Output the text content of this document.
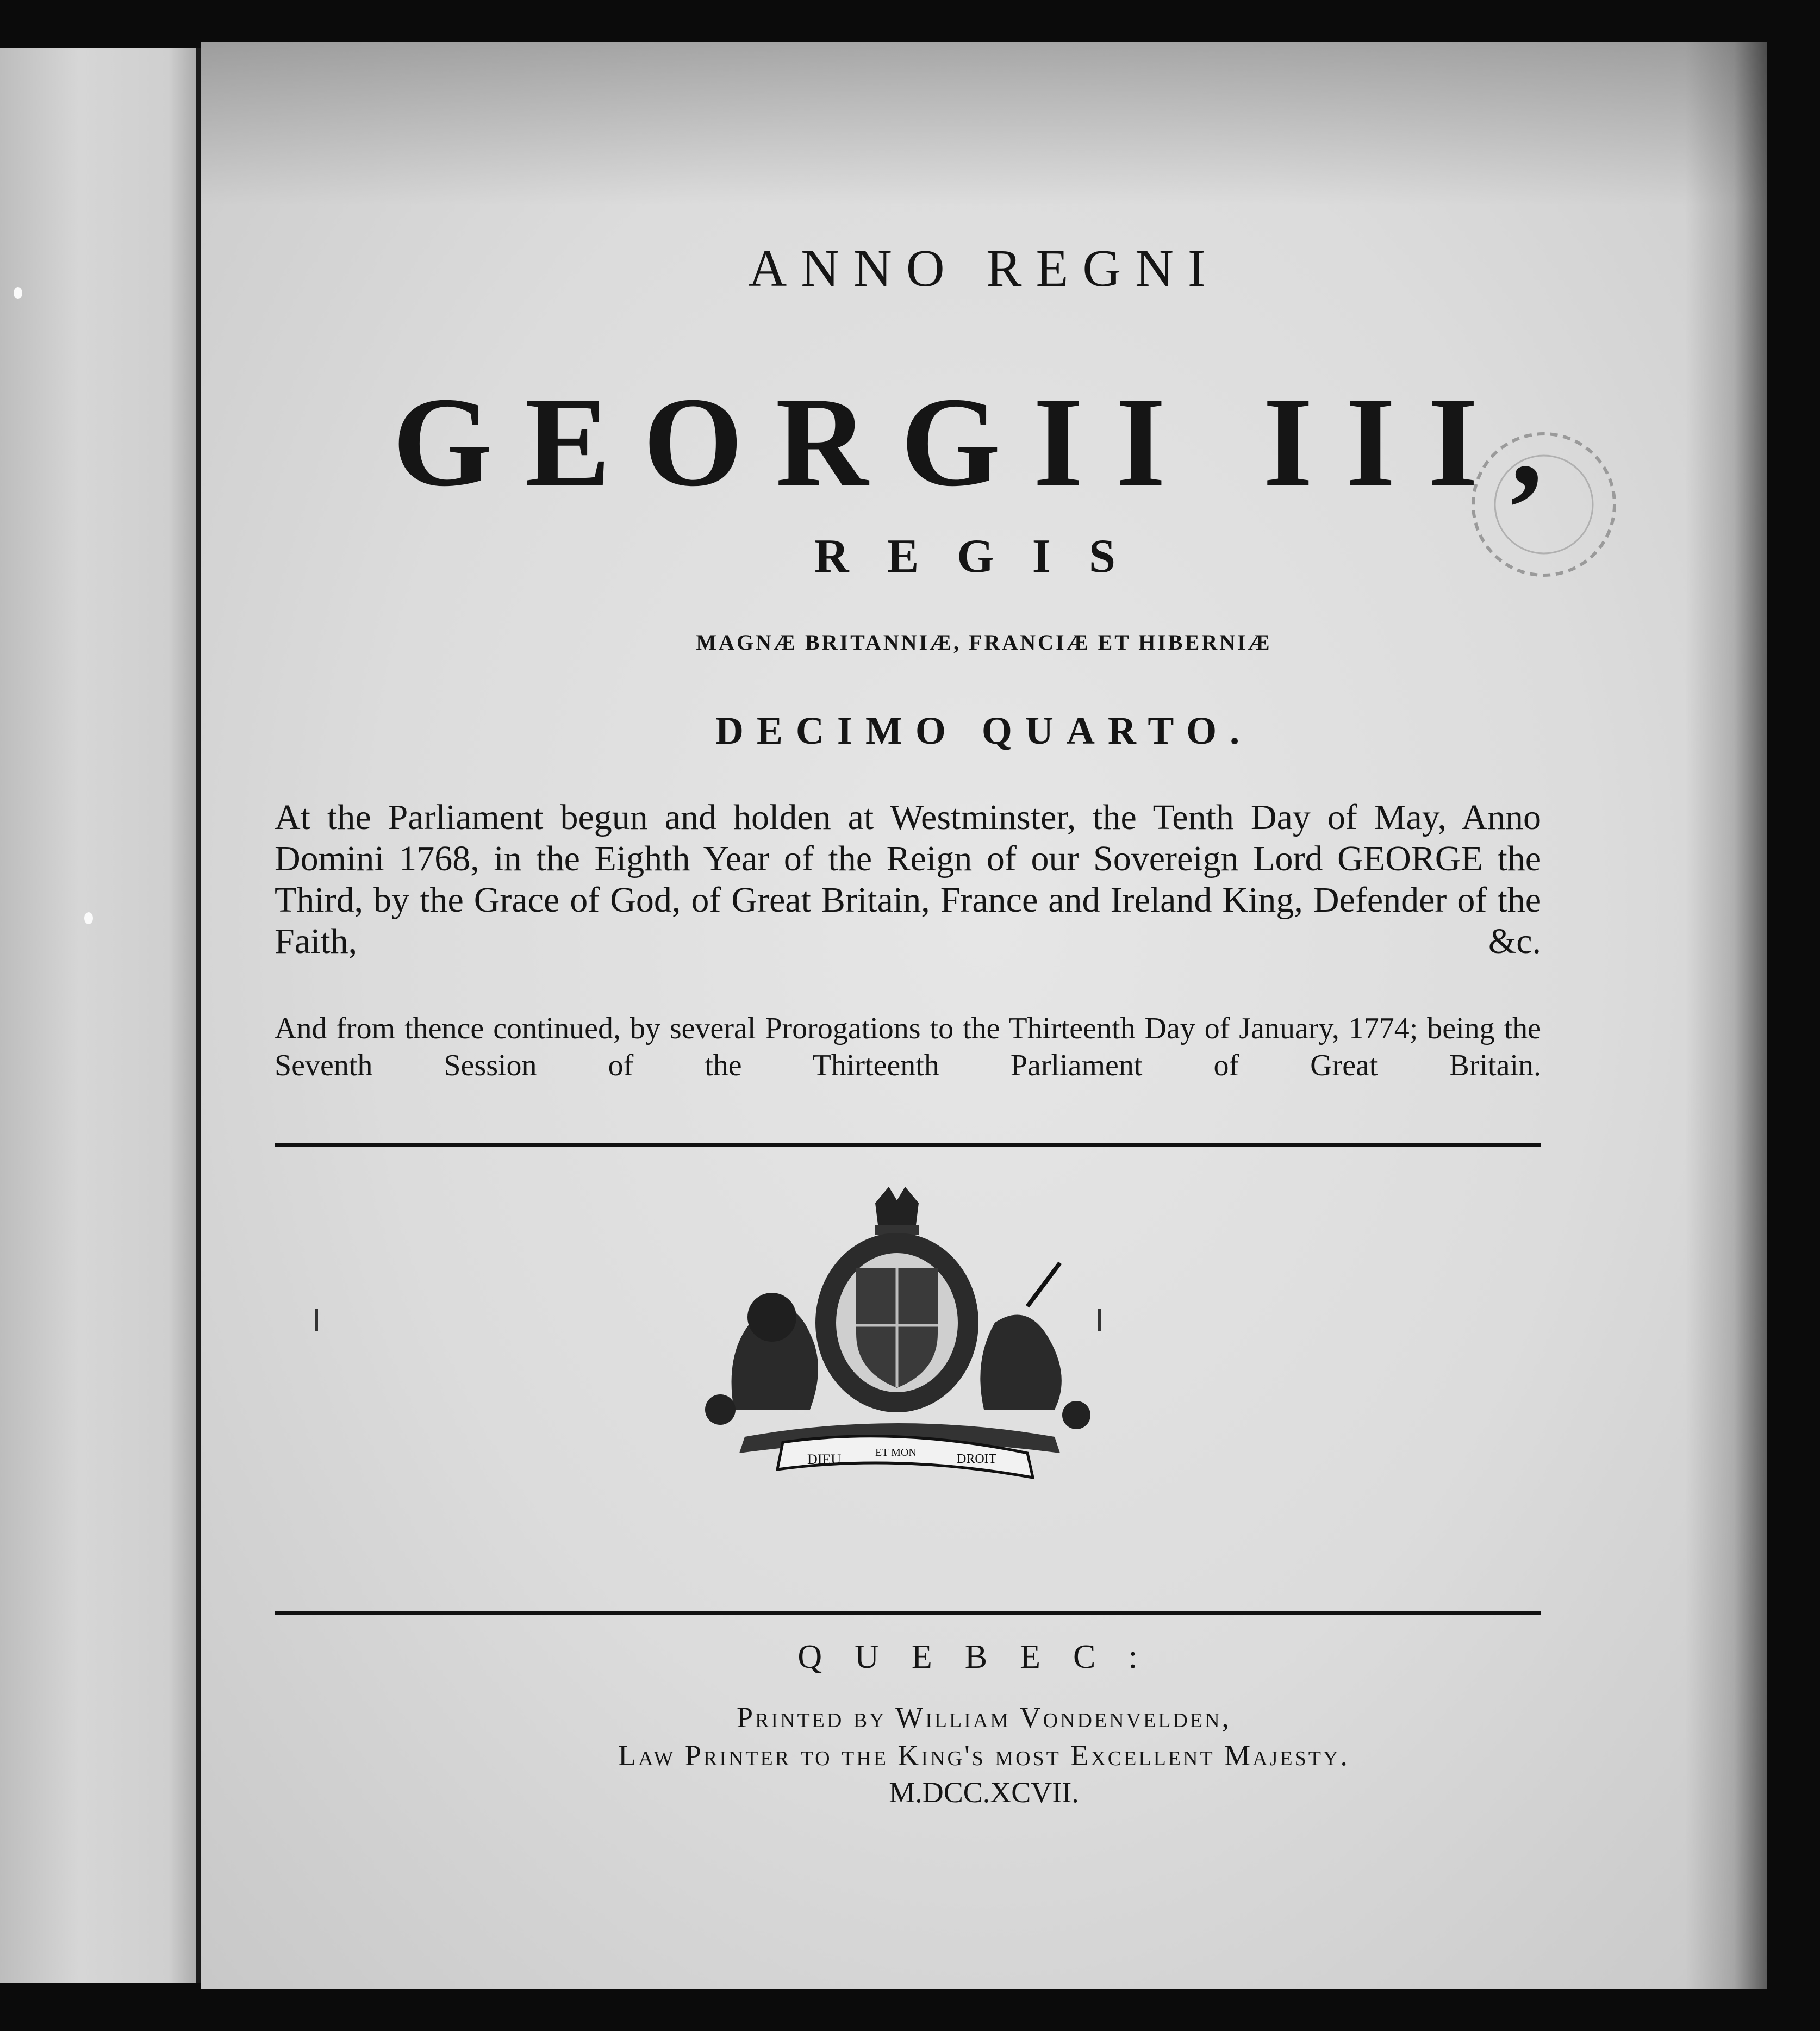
ANNO REGNI

GEORGII III,

REGIS

MAGNÆ BRITANNIÆ, FRANCIÆ ET HIBERNIÆ

DECIMO QUARTO.

At the Parliament begun and holden at Westminster, the Tenth Day of May, Anno Domini 1768, in the Eighth Year of the Reign of our Sovereign Lord GEORGE the Third, by the Grace of God, of Great Britain, France and Ireland King, Defender of the Faith, &c.

And from thence continued, by several Prorogations to the Thirteenth Day of January, 1774; being the Seventh Session of the Thirteenth Parliament of Great Britain.

DIEU	ET MON	DROIT

QUEBEC:

Printed by William Vondenvelden,

Law Printer to the King's most Excellent Majesty.

M.DCC.XCVII.
